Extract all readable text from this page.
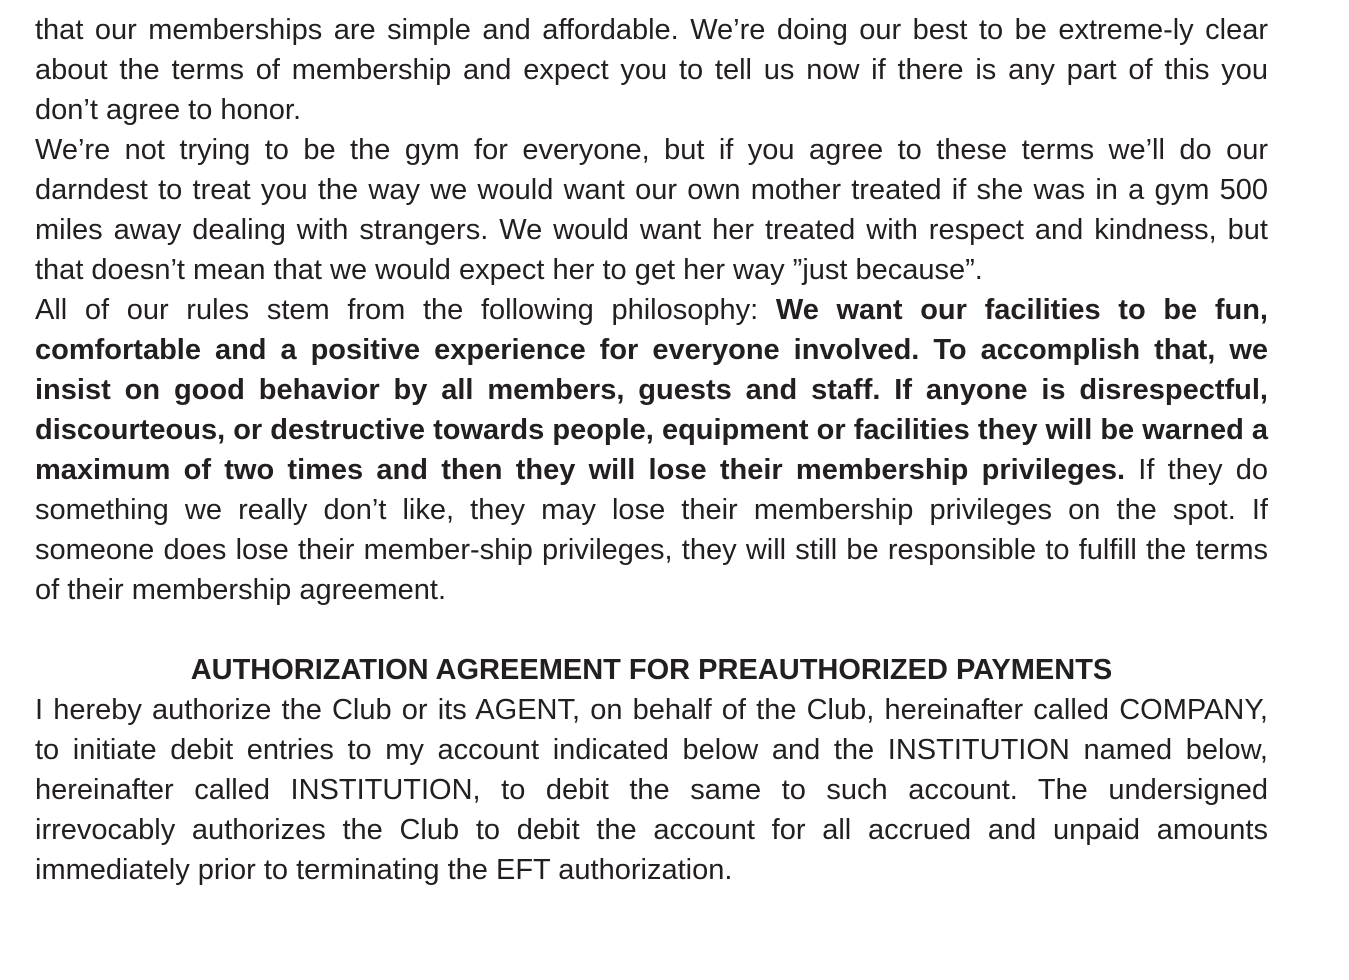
that our memberships are simple and affordable. We’re doing our best to be extreme-ly clear about the terms of membership and expect you to tell us now if there is any part of this you don’t agree to honor.

We’re not trying to be the gym for everyone, but if you agree to these terms we’ll do our darndest to treat you the way we would want our own mother treated if she was in a gym 500 miles away dealing with strangers. We would want her treated with respect and kindness, but that doesn’t mean that we would expect her to get her way ”just because”.

All of our rules stem from the following philosophy: We want our facilities to be fun, comfortable and a positive experience for everyone involved. To accomplish that, we insist on good behavior by all members, guests and staff. If anyone is disrespectful, discourteous, or destructive towards people, equipment or facilities they will be warned a maximum of two times and then they will lose their membership privileges. If they do something we really don’t like, they may lose their membership privileges on the spot. If someone does lose their member-ship privileges, they will still be responsible to fulfill the terms of their membership agreement.

AUTHORIZATION AGREEMENT FOR PREAUTHORIZED PAYMENTS

I hereby authorize the Club or its AGENT, on behalf of the Club, hereinafter called COMPANY, to initiate debit entries to my account indicated below and the INSTITUTION named below, hereinafter called INSTITUTION, to debit the same to such account. The undersigned irrevocably authorizes the Club to debit the account for all accrued and unpaid amounts immediately prior to terminating the EFT authorization.
